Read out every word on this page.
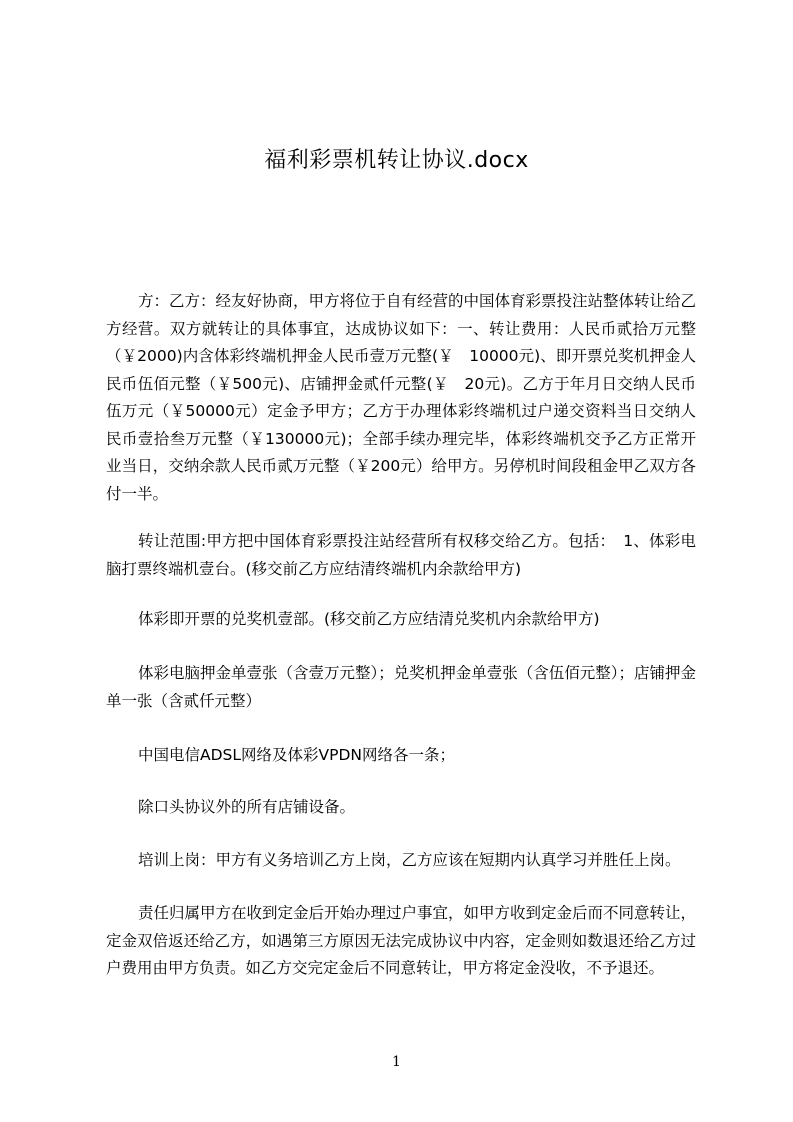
福利彩票机转让协议.docx

方：乙方：经友好协商，甲方将位于自有经营的中国体育彩票投注站整体转让给乙方经营。双方就转让的具体事宜，达成协议如下：一、转让费用：人民币贰拾万元整（￥2000)内含体彩终端机押金人民币壹万元整(￥　10000元)、即开票兑奖机押金人民币伍佰元整（￥500元)、店铺押金贰仟元整(￥　20元)。乙方于年月日交纳人民币伍万元（￥50000元）定金予甲方；乙方于办理体彩终端机过户递交资料当日交纳人民币壹拾叁万元整（￥130000元)；全部手续办理完毕，体彩终端机交予乙方正常开业当日，交纳余款人民币贰万元整（￥200元）给甲方。另停机时间段租金甲乙双方各付一半。

转让范围:甲方把中国体育彩票投注站经营所有权移交给乙方。包括：　1、体彩电脑打票终端机壹台。(移交前乙方应结清终端机内余款给甲方)

体彩即开票的兑奖机壹部。(移交前乙方应结清兑奖机内余款给甲方)

体彩电脑押金单壹张（含壹万元整）；兑奖机押金单壹张（含伍佰元整）；店铺押金单一张（含贰仟元整）

中国电信ADSL网络及体彩VPDN网络各一条；

除口头协议外的所有店铺设备。

培训上岗：甲方有义务培训乙方上岗，乙方应该在短期内认真学习并胜任上岗。

责任归属甲方在收到定金后开始办理过户事宜，如甲方收到定金后而不同意转让，定金双倍返还给乙方，如遇第三方原因无法完成协议中内容，定金则如数退还给乙方过户费用由甲方负责。如乙方交完定金后不同意转让，甲方将定金没收，不予退还。

1
